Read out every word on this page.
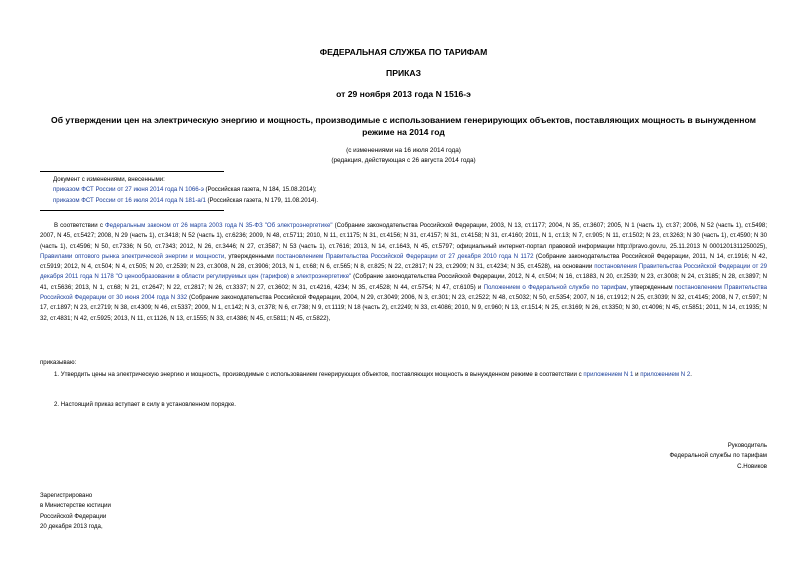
ФЕДЕРАЛЬНАЯ СЛУЖБА ПО ТАРИФАМ
ПРИКАЗ
от 29 ноября 2013 года N 1516-э
Об утверждении цен на электрическую энергию и мощность, производимые с использованием генерирующих объектов, поставляющих мощность в вынужденном режиме на 2014 год
(с изменениями на 16 июля 2014 года)
(редакция, действующая с 26 августа 2014 года)
Документ с изменениями, внесенными:
приказом ФСТ России от 27 июня 2014 года N 1066-э (Российская газета, N 184, 15.08.2014);
приказом ФСТ России от 16 июля 2014 года N 181-а/1 (Российская газета, N 179, 11.08.2014).
В соответствии с Федеральным законом от 26 марта 2003 года N 35-ФЗ "Об электроэнергетике" (Собрание законодательства Российской Федерации, 2003, N 13, ст.1177; 2004, N 35, ст.3607; 2005, N 1 (часть 1), ст.37; 2006, N 52 (часть 1), ст.5498; 2007, N 45, ст.5427; 2008, N 29 (часть 1), ст.3418; N 52 (часть 1), ст.6236; 2009, N 48, ст.5711; 2010, N 11, ст.1175; N 31, ст.4156; N 31, ст.4157; N 31, ст.4158; N 31, ст.4160; 2011, N 1, ст.13; N 7, ст.905; N 11, ст.1502; N 23, ст.3263; N 30 (часть 1), ст.4590; N 30 (часть 1), ст.4596; N 50, ст.7336; N 50, ст.7343; 2012, N 26, ст.3446; N 27, ст.3587; N 53 (часть 1), ст.7616; 2013, N 14, ст.1643, N 45, ст.5797; официальный интернет-портал правовой информации http://pravo.gov.ru, 25.11.2013 N 0001201311250025), Правилами оптового рынка электрической энергии и мощности, утвержденными постановлением Правительства Российской Федерации от 27 декабря 2010 года N 1172 (Собрание законодательства Российской Федерации, 2011, N 14, ст.1916; N 42, ст.5919; 2012, N 4, ст.504; N 4, ст.505; N 20, ст.2539; N 23, ст.3008, N 28, ст.3906; 2013, N 1, ст.68; N 6, ст.565; N 8, ст.825; N 22, ст.2817; N 23, ст.2909; N 31, ст.4234; N 35, ст.4528), на основании постановления Правительства Российской Федерации от 29 декабря 2011 года N 1178 "О ценообразовании в области регулируемых цен (тарифов) в электроэнергетике" (Собрание законодательства Российской Федерации, 2012, N 4, ст.504; N 16, ст.1883, N 20, ст.2539; N 23, ст.3008; N 24, ст.3185; N 28, ст.3897; N 41, ст.5636; 2013, N 1, ст.68; N 21, ст.2647; N 22, ст.2817; N 26, ст.3337; N 27, ст.3602; N 31, ст.4216, 4234; N 35, ст.4528; N 44, ст.5754; N 47, ст.6105) и Положением о Федеральной службе по тарифам, утвержденным постановлением Правительства Российской Федерации от 30 июня 2004 года N 332 (Собрание законодательства Российской Федерации, 2004, N 29, ст.3049; 2006, N 3, ст.301; N 23, ст.2522; N 48, ст.5032; N 50, ст.5354; 2007, N 16, ст.1912; N 25, ст.3039; N 32, ст.4145; 2008, N 7, ст.597; N 17, ст.1897; N 23, ст.2719; N 38, ст.4309; N 46, ст.5337; 2009, N 1, ст.142; N 3, ст.378; N 6, ст.738; N 9, ст.1119; N 18 (часть 2), ст.2249; N 33, ст.4086; 2010, N 9, ст.960; N 13, ст.1514; N 25, ст.3169; N 26, ст.3350; N 30, ст.4096; N 45, ст.5851; 2011, N 14, ст.1935; N 32, ст.4831; N 42, ст.5925; 2013, N 11, ст.1126, N 13, ст.1555; N 33, ст.4386; N 45, ст.5811; N 45, ст.5822),
приказываю:
1. Утвердить цены на электрическую энергию и мощность, производимые с использованием генерирующих объектов, поставляющих мощность в вынужденном режиме в соответствии с приложением N 1 и приложением N 2.
2. Настоящий приказ вступает в силу в установленном порядке.
Руководитель
Федеральной службы по тарифам
С.Новиков
Зарегистрировано
в Министерстве юстиции
Российской Федерации
20 декабря 2013 года,
